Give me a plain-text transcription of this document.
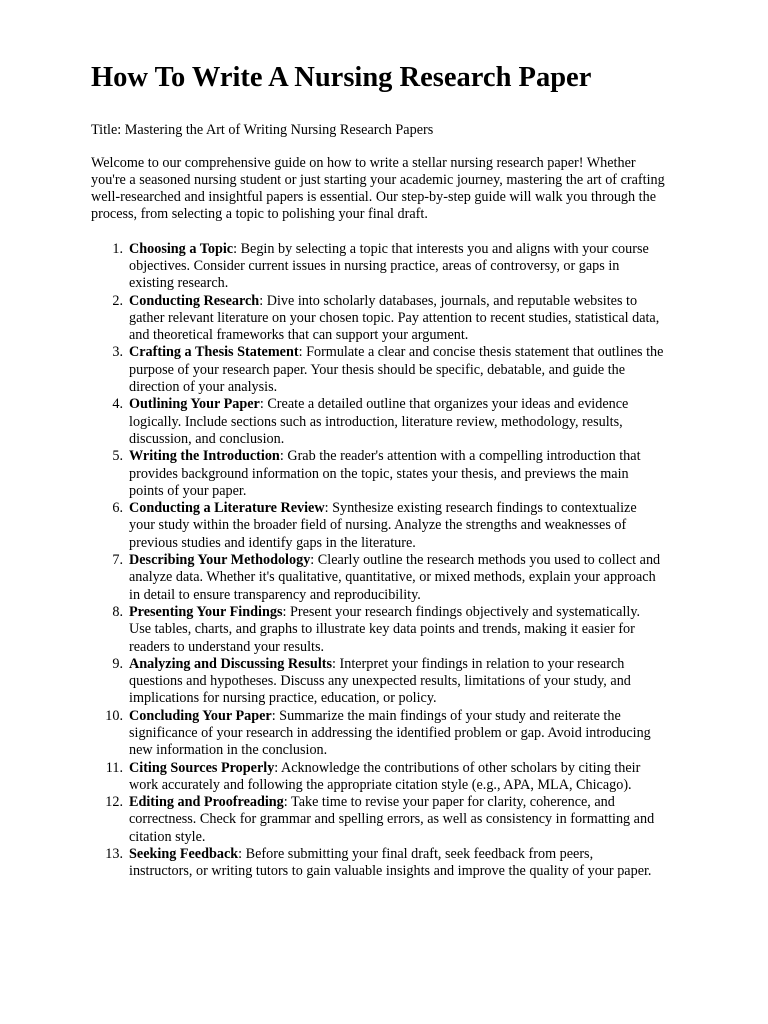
How To Write A Nursing Research Paper

Title: Mastering the Art of Writing Nursing Research Papers

Welcome to our comprehensive guide on how to write a stellar nursing research paper! Whether
you're a seasoned nursing student or just starting your academic journey, mastering the art of crafting
well-researched and insightful papers is essential. Our step-by-step guide will walk you through the
process, from selecting a topic to polishing your final draft.

1. Choosing a Topic: Begin by selecting a topic that interests you and aligns with your course
objectives. Consider current issues in nursing practice, areas of controversy, or gaps in
existing research.
2. Conducting Research: Dive into scholarly databases, journals, and reputable websites to
gather relevant literature on your chosen topic. Pay attention to recent studies, statistical data,
and theoretical frameworks that can support your argument.
3. Crafting a Thesis Statement: Formulate a clear and concise thesis statement that outlines the
purpose of your research paper. Your thesis should be specific, debatable, and guide the
direction of your analysis.
4. Outlining Your Paper: Create a detailed outline that organizes your ideas and evidence
logically. Include sections such as introduction, literature review, methodology, results,
discussion, and conclusion.
5. Writing the Introduction: Grab the reader's attention with a compelling introduction that
provides background information on the topic, states your thesis, and previews the main
points of your paper.
6. Conducting a Literature Review: Synthesize existing research findings to contextualize
your study within the broader field of nursing. Analyze the strengths and weaknesses of
previous studies and identify gaps in the literature.
7. Describing Your Methodology: Clearly outline the research methods you used to collect and
analyze data. Whether it's qualitative, quantitative, or mixed methods, explain your approach
in detail to ensure transparency and reproducibility.
8. Presenting Your Findings: Present your research findings objectively and systematically.
Use tables, charts, and graphs to illustrate key data points and trends, making it easier for
readers to understand your results.
9. Analyzing and Discussing Results: Interpret your findings in relation to your research
questions and hypotheses. Discuss any unexpected results, limitations of your study, and
implications for nursing practice, education, or policy.
10. Concluding Your Paper: Summarize the main findings of your study and reiterate the
significance of your research in addressing the identified problem or gap. Avoid introducing
new information in the conclusion.
11. Citing Sources Properly: Acknowledge the contributions of other scholars by citing their
work accurately and following the appropriate citation style (e.g., APA, MLA, Chicago).
12. Editing and Proofreading: Take time to revise your paper for clarity, coherence, and
correctness. Check for grammar and spelling errors, as well as consistency in formatting and
citation style.
13. Seeking Feedback: Before submitting your final draft, seek feedback from peers,
instructors, or writing tutors to gain valuable insights and improve the quality of your paper.
